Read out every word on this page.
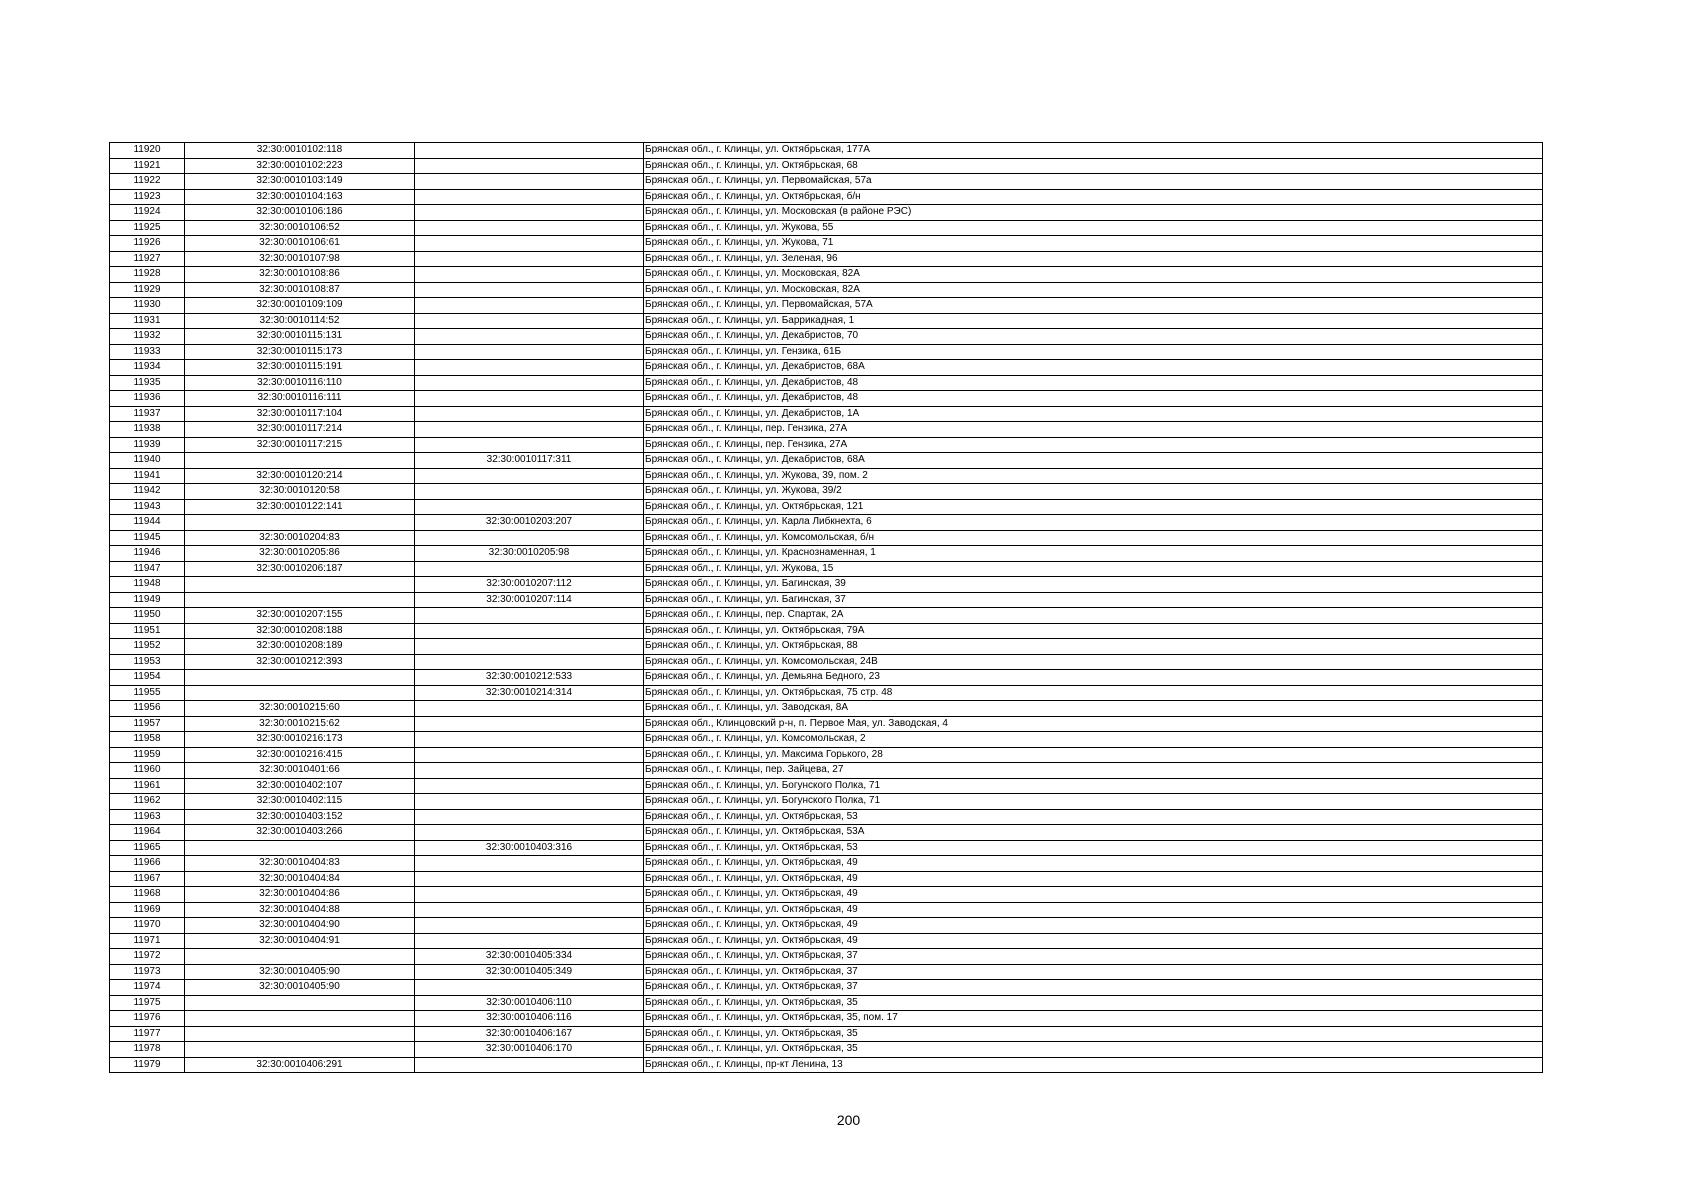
11920	32:30:0010102:118		Брянская обл., г. Клинцы, ул. Октябрьская, 177А
11921	32:30:0010102:223		Брянская обл., г. Клинцы, ул. Октябрьская, 68
11922	32:30:0010103:149		Брянская обл., г. Клинцы, ул. Первомайская, 57а
11923	32:30:0010104:163		Брянская обл., г. Клинцы, ул. Октябрьская, б/н
11924	32:30:0010106:186		Брянская обл., г. Клинцы, ул. Московская (в районе РЭС)
11925	32:30:0010106:52		Брянская обл., г. Клинцы, ул. Жукова, 55
11926	32:30:0010106:61		Брянская обл., г. Клинцы, ул. Жукова, 71
11927	32:30:0010107:98		Брянская обл., г. Клинцы, ул. Зеленая, 96
11928	32:30:0010108:86		Брянская обл., г. Клинцы, ул. Московская, 82А
11929	32:30:0010108:87		Брянская обл., г. Клинцы, ул. Московская, 82А
11930	32:30:0010109:109		Брянская обл., г. Клинцы, ул. Первомайская, 57А
11931	32:30:0010114:52		Брянская обл., г. Клинцы, ул. Баррикадная, 1
11932	32:30:0010115:131		Брянская обл., г. Клинцы, ул. Декабристов, 70
11933	32:30:0010115:173		Брянская обл., г. Клинцы, ул. Гензика, 61Б
11934	32:30:0010115:191		Брянская обл., г. Клинцы, ул. Декабристов, 68А
11935	32:30:0010116:110		Брянская обл., г. Клинцы, ул. Декабристов, 48
11936	32:30:0010116:111		Брянская обл., г. Клинцы, ул. Декабристов, 48
11937	32:30:0010117:104		Брянская обл., г. Клинцы, ул. Декабристов, 1А
11938	32:30:0010117:214		Брянская обл., г. Клинцы, пер. Гензика, 27А
11939	32:30:0010117:215		Брянская обл., г. Клинцы, пер. Гензика, 27А
11940		32:30:0010117:311	Брянская обл., г. Клинцы, ул. Декабристов, 68А
11941	32:30:0010120:214		Брянская обл., г. Клинцы, ул. Жукова, 39, пом. 2
11942	32:30:0010120:58		Брянская обл., г. Клинцы, ул. Жукова, 39/2
11943	32:30:0010122:141		Брянская обл., г. Клинцы, ул. Октябрьская, 121
11944		32:30:0010203:207	Брянская обл., г. Клинцы, ул. Карла Либкнехта, 6
11945	32:30:0010204:83		Брянская обл., г. Клинцы, ул. Комсомольская, б/н
11946	32:30:0010205:86	32:30:0010205:98	Брянская обл., г. Клинцы, ул. Краснознаменная, 1
11947	32:30:0010206:187		Брянская обл., г. Клинцы, ул. Жукова, 15
11948		32:30:0010207:112	Брянская обл., г. Клинцы, ул. Багинская, 39
11949		32:30:0010207:114	Брянская обл., г. Клинцы, ул. Багинская, 37
11950	32:30:0010207:155		Брянская обл., г. Клинцы, пер. Спартак, 2А
11951	32:30:0010208:188		Брянская обл., г. Клинцы, ул. Октябрьская, 79А
11952	32:30:0010208:189		Брянская обл., г. Клинцы, ул. Октябрьская, 88
11953	32:30:0010212:393		Брянская обл., г. Клинцы, ул. Комсомольская, 24В
11954		32:30:0010212:533	Брянская обл., г. Клинцы, ул. Демьяна Бедного, 23
11955		32:30:0010214:314	Брянская обл., г. Клинцы, ул. Октябрьская, 75 стр. 48
11956	32:30:0010215:60		Брянская обл., г. Клинцы, ул. Заводская, 8А
11957	32:30:0010215:62		Брянская обл., Клинцовский р-н, п. Первое Мая, ул. Заводская, 4
11958	32:30:0010216:173		Брянская обл., г. Клинцы, ул. Комсомольская, 2
11959	32:30:0010216:415		Брянская обл., г. Клинцы, ул. Максима Горького, 28
11960	32:30:0010401:66		Брянская обл., г. Клинцы, пер. Зайцева, 27
11961	32:30:0010402:107		Брянская обл., г. Клинцы, ул. Богунского Полка, 71
11962	32:30:0010402:115		Брянская обл., г. Клинцы, ул. Богунского Полка, 71
11963	32:30:0010403:152		Брянская обл., г. Клинцы, ул. Октябрьская, 53
11964	32:30:0010403:266		Брянская обл., г. Клинцы, ул. Октябрьская, 53А
11965		32:30:0010403:316	Брянская обл., г. Клинцы, ул. Октябрьская, 53
11966	32:30:0010404:83		Брянская обл., г. Клинцы, ул. Октябрьская, 49
11967	32:30:0010404:84		Брянская обл., г. Клинцы, ул. Октябрьская, 49
11968	32:30:0010404:86		Брянская обл., г. Клинцы, ул. Октябрьская, 49
11969	32:30:0010404:88		Брянская обл., г. Клинцы, ул. Октябрьская, 49
11970	32:30:0010404:90		Брянская обл., г. Клинцы, ул. Октябрьская, 49
11971	32:30:0010404:91		Брянская обл., г. Клинцы, ул. Октябрьская, 49
11972		32:30:0010405:334	Брянская обл., г. Клинцы, ул. Октябрьская, 37
11973	32:30:0010405:90	32:30:0010405:349	Брянская обл., г. Клинцы, ул. Октябрьская, 37
11974	32:30:0010405:90		Брянская обл., г. Клинцы, ул. Октябрьская, 37
11975		32:30:0010406:110	Брянская обл., г. Клинцы, ул. Октябрьская, 35
11976		32:30:0010406:116	Брянская обл., г. Клинцы, ул. Октябрьская, 35, пом. 17
11977		32:30:0010406:167	Брянская обл., г. Клинцы, ул. Октябрьская, 35
11978		32:30:0010406:170	Брянская обл., г. Клинцы, ул. Октябрьская, 35
11979	32:30:0010406:291		Брянская обл., г. Клинцы, пр-кт Ленина, 13
200
